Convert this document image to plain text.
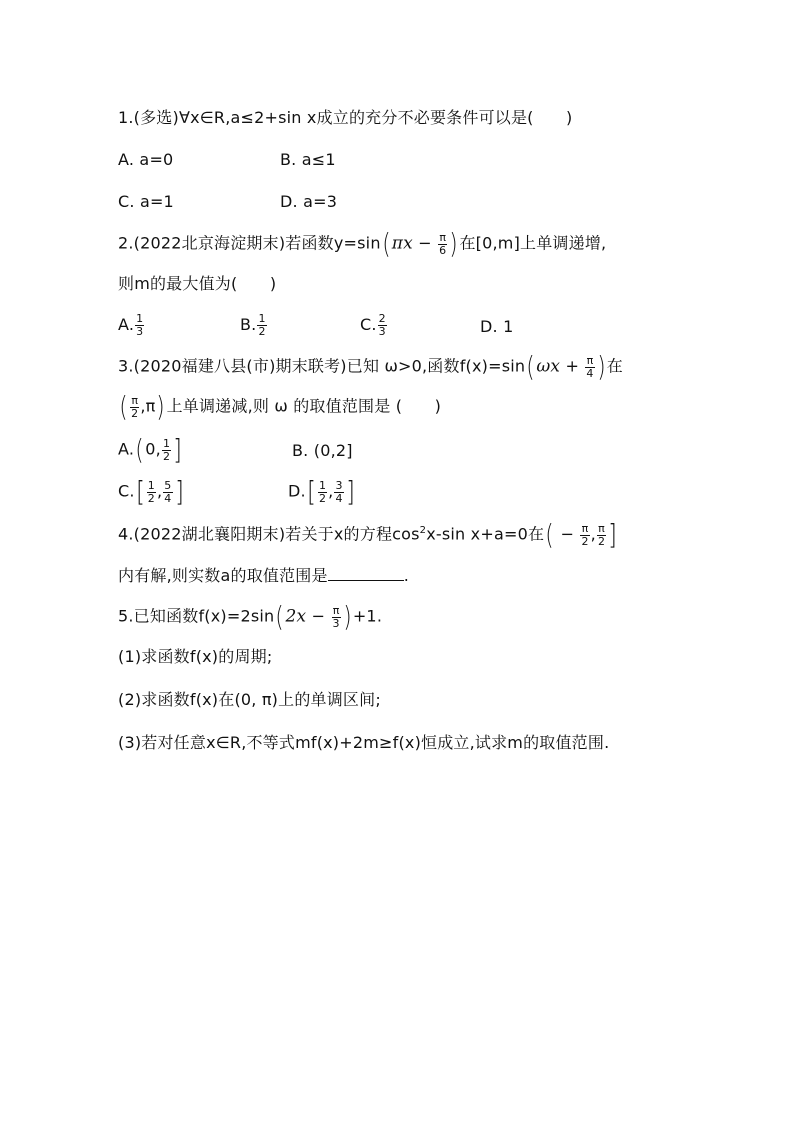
1.(多选)∀x∈R,a≤2+sin x成立的充分不必要条件可以是(　　)
A. a=0	B. a≤1
C. a=1	D. a=3
2.(2022北京海淀期末)若函数$y=\sin(\pi x - \frac{\pi}{6}$ )在[0,m]上单调递增,
则m的最大值为(　　)
A. $\frac{1}{3}$	B. $\frac{1}{2}$	C. $\frac{2}{3}$	D. 1
3.(2020福建八县(市)期末联考)已知 ω>0,函数$f(x)=\sin(\omega x + \frac{\pi}{4}$ )在
( $\frac{\pi}{2} ,\pi$)上单调递减,则 ω 的取值范围是 (　　)
A.(0, $\frac{1}{2}$ ]	B. (0,2]
$C.[ \frac{1}{2}$ , $\frac{5}{4}$ ]	$D.[ \frac{1}{2}$ , $\frac{3}{4}$ ]
4.(2022湖北襄阳期末)若关于x的方程$\cos^2x-\sin$ x+a=0在( − $\frac{\pi}{2}$ , $\frac{\pi}{2}$ ]
内有解,则实数a的取值范围是	.
5.已知函数$f(x)=2\sin(2x - \frac{\pi}{3} )+1$.
(1)求函数f(x)的周期;
(2)求函数f(x)在(0, π)上的单调区间;
(3)若对任意x∈R,不等式mf(x)+2m≥f(x)恒成立,试求m的取值范围.
